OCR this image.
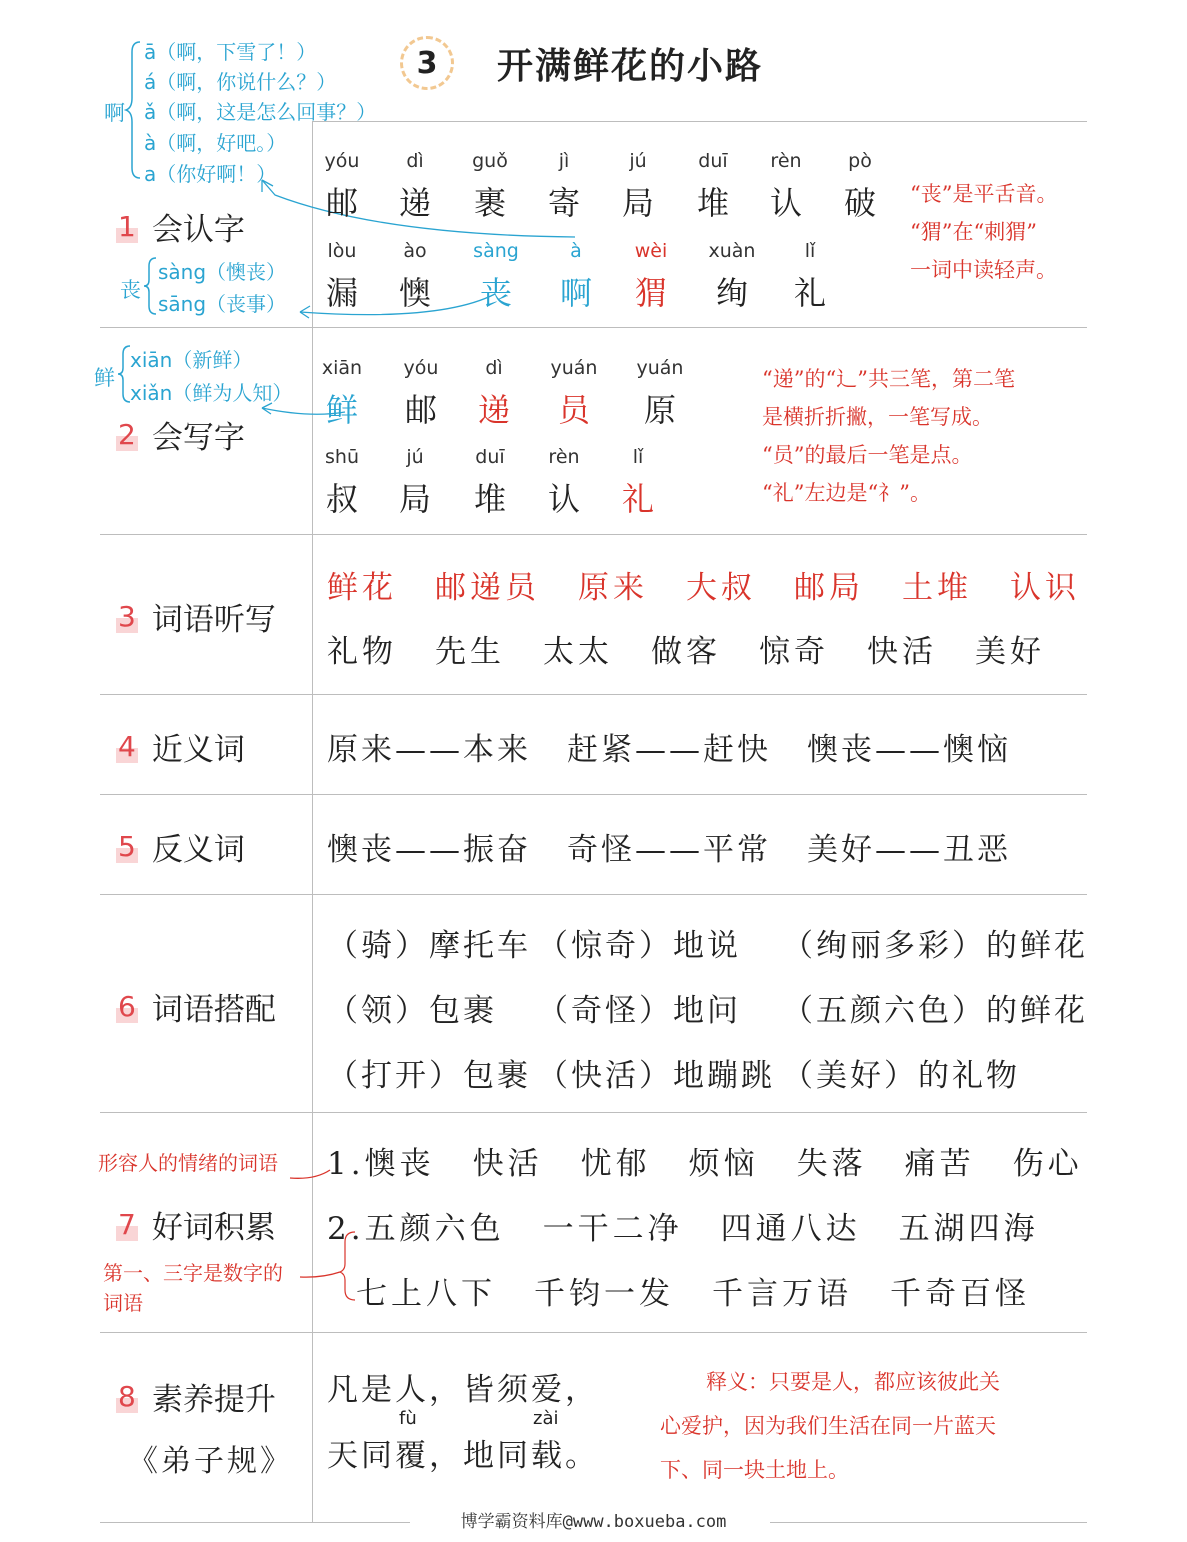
3	开满鲜花的小路
1 会认字
2 会写字
3 词语听写
4 近义词
5 反义词
6 词语搭配
7 好词积累
8 素养提升
《弟子规》
啊
ā（啊，下雪了！）
á（啊，你说什么？）
ǎ（啊，这是怎么回事？）
à（啊，好吧。）
a（你好啊！）
丧
sàng（懊丧）
sāng（丧事）
鲜
xiān（新鲜）
xiǎn（鲜为人知）
yóu
邮
dì
递
guǒ
裹
jì
寄
jú
局
duī
堆
rèn
认
pò
破
lòu
漏
ào
懊
sàng
丧
à
啊
wèi
猬
xuàn
绚
lǐ
礼
“丧”是平舌音。
“猬”在“刺猬”
一词中读轻声。
xiān
鲜
yóu
邮
dì
递
yuán
员
yuán
原
shū
叔
jú
局
duī
堆
rèn
认
lǐ
礼
“递”的“辶”共三笔，第二笔
是横折折撇，一笔写成。
“员”的最后一笔是点。
“礼”左边是“礻”。
鲜花 邮递员 原来 大叔 邮局 土堆 认识
礼物 先生 太太 做客 惊奇 快活 美好
原来——本来 赶紧——赶快 懊丧——懊恼
懊丧——振奋 奇怪——平常 美好——丑恶
（骑）摩托车 （惊奇）地说 （绚丽多彩）的鲜花
（领）包裹 （奇怪）地问 （五颜六色）的鲜花
（打开）包裹 （快活）地蹦跳 （美好）的礼物
形容人的情绪的词语
第一、三字是数字的
词语
1.懊丧 快活 忧郁 烦恼 失落 痛苦 伤心
2.五颜六色 一干二净 四通八达 五湖四海
七上八下 千钧一发 千言万语 千奇百怪
凡是人，皆须爱，
天同
fù
覆，地同
zài
载。
释义：只要是人，都应该彼此关
心爱护，因为我们生活在同一片蓝天
下、同一块土地上。
博学霸资料库@www.boxueba.com
